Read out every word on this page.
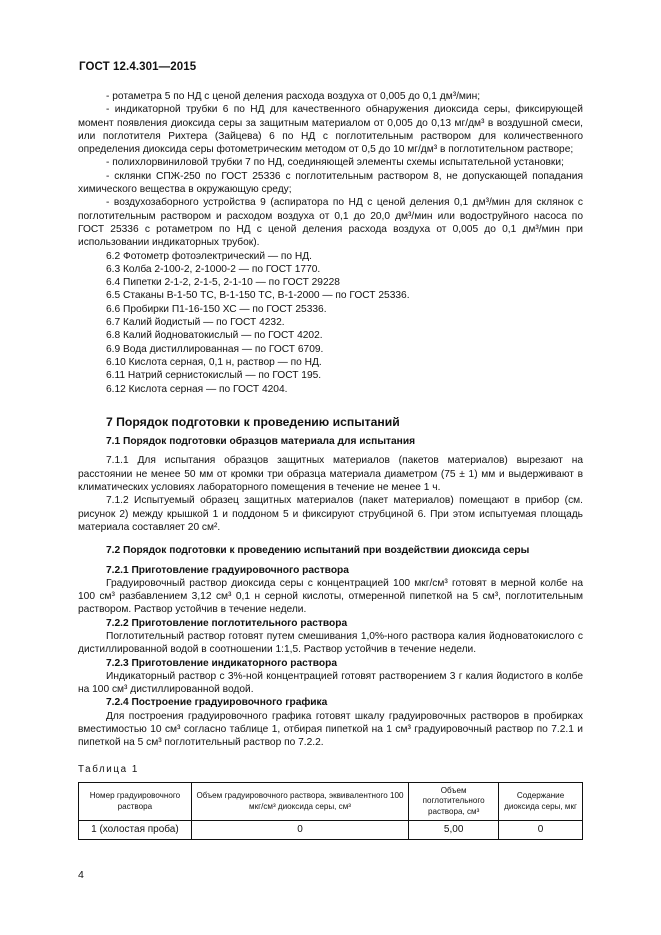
ГОСТ 12.4.301—2015

- ротаметра 5 по НД с ценой деления расхода воздуха от 0,005 до 0,1 дм³/мин;

- индикаторной трубки 6 по НД для качественного обнаружения диоксида серы, фиксирующей момент появления диоксида серы за защитным материалом от 0,005 до 0,13 мг/дм³ в воздушной смеси, или поглотителя Рихтера (Зайцева) 6 по НД с поглотительным раствором для количественного определения диоксида серы фотометрическим методом от 0,5 до 10 мг/дм³ в поглотительном растворе;

- полихлорвиниловой трубки 7 по НД, соединяющей элементы схемы испытательной установки;

- склянки СПЖ-250 по ГОСТ 25336 с поглотительным раствором 8, не допускающей попадания химического вещества в окружающую среду;

- воздухозаборного устройства 9 (аспиратора по НД с ценой деления 0,1 дм³/мин для склянок с поглотительным раствором и расходом воздуха от 0,1 до 20,0 дм³/мин или водоструйного насоса по ГОСТ 25336 с ротаметром по НД с ценой деления расхода воздуха от 0,005 до 0,1 дм³/мин при использовании индикаторных трубок).

6.2 Фотометр фотоэлектрический — по НД.

6.3 Колба 2-100-2, 2-1000-2 — по ГОСТ 1770.

6.4 Пипетки 2-1-2, 2-1-5, 2-1-10 — по ГОСТ 29228

6.5 Стаканы В-1-50 ТС, В-1-150 ТС, В-1-2000 — по ГОСТ 25336.

6.6 Пробирки П1-16-150 ХС — по ГОСТ 25336.

6.7 Калий йодистый — по ГОСТ 4232.

6.8 Калий йодноватокислый — по ГОСТ 4202.

6.9 Вода дистиллированная — по ГОСТ 6709.

6.10 Кислота серная, 0,1 н, раствор — по НД.

6.11 Натрий сернистокислый — по ГОСТ 195.

6.12 Кислота серная — по ГОСТ 4204.

7 Порядок подготовки к проведению испытаний
7.1 Порядок подготовки образцов материала для испытания

7.1.1 Для испытания образцов защитных материалов (пакетов материалов) вырезают на расстоянии не менее 50 мм от кромки три образца материала диаметром (75 ± 1) мм и выдерживают в климатических условиях лабораторного помещения в течение не менее 1 ч.

7.1.2 Испытуемый образец защитных материалов (пакет материалов) помещают в прибор (см. рисунок 2) между крышкой 1 и поддоном 5 и фиксируют струбциной 6. При этом испытуемая площадь материала составляет 20 см².

7.2 Порядок подготовки к проведению испытаний при воздействии диоксида серы
7.2.1 Приготовление градуировочного раствора

Градуировочный раствор диоксида серы с концентрацией 100 мкг/см³ готовят в мерной колбе на 100 см³ разбавлением 3,12 см³ 0,1 н серной кислоты, отмеренной пипеткой на 5 см³, поглотительным раствором. Раствор устойчив в течение недели.

7.2.2 Приготовление поглотительного раствора

Поглотительный раствор готовят путем смешивания 1,0%-ного раствора калия йодноватокислого с дистиллированной водой в соотношении 1:1,5. Раствор устойчив в течение недели.

7.2.3 Приготовление индикаторного раствора

Индикаторный раствор с 3%-ной концентрацией готовят растворением 3 г калия йодистого в колбе на 100 см³ дистиллированной водой.

7.2.4 Построение градуировочного графика

Для построения градуировочного графика готовят шкалу градуировочных растворов в пробирках вместимостью 10 см³ согласно таблице 1, отбирая пипеткой на 1 см³ градуировочный раствор по 7.2.1 и пипеткой на 5 см³ поглотительный раствор по 7.2.2.

Таблица 1
Номер градуировочного раствора	Объем градуировочного раствора, эквивалентного 100 мкг/см³ диоксида серы, см³	Объем поглотительного раствора, см³	Содержание диоксида серы, мкг
1 (холостая проба)	0	5,00	0
4
